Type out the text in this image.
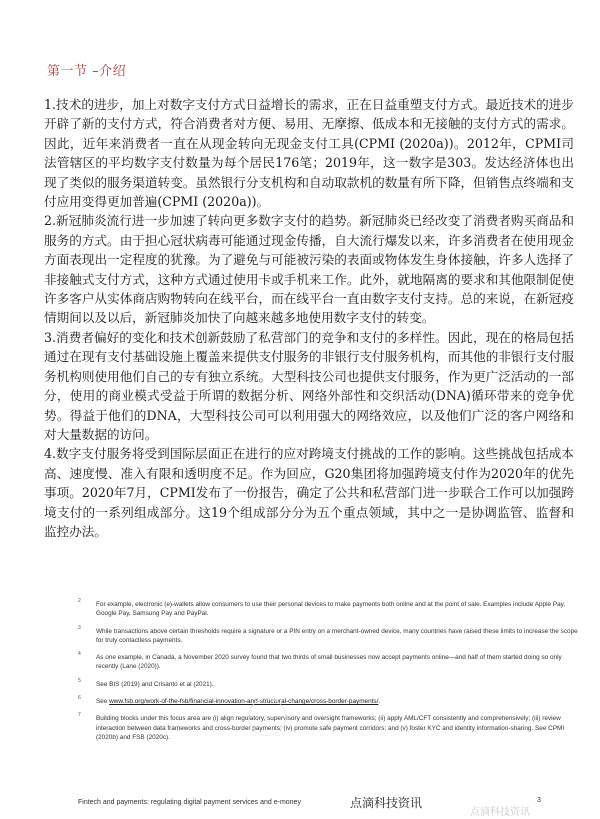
第一节 –介绍

1.技术的进步，加上对数字支付方式日益增长的需求，正在日益重塑支付方式。最近技术的进步开辟了新的支付方式，符合消费者对方便、易用、无摩擦、低成本和无接触的支付方式的需求。因此，近年来消费者一直在从现金转向无现金支付工具(CPMI (2020a))。2012年，CPMI司法管辖区的平均数字支付数量为每个居民176笔；2019年，这一数字是303。发达经济体也出现了类似的服务渠道转变。虽然银行分支机构和自动取款机的数量有所下降，但销售点终端和支付应用变得更加普遍(CPMI (2020a))。

2.新冠肺炎流行进一步加速了转向更多数字支付的趋势。新冠肺炎已经改变了消费者购买商品和服务的方式。由于担心冠状病毒可能通过现金传播，自大流行爆发以来，许多消费者在使用现金方面表现出一定程度的犹豫。为了避免与可能被污染的表面或物体发生身体接触，许多人选择了非接触式支付方式，这种方式通过使用卡或手机来工作。此外，就地隔离的要求和其他限制促使许多客户从实体商店购物转向在线平台，而在线平台一直由数字支付支持。总的来说，在新冠疫情期间以及以后，新冠肺炎加快了向越来越多地使用数字支付的转变。

3.消费者偏好的变化和技术创新鼓励了私营部门的竞争和支付的多样性。因此，现在的格局包括通过在现有支付基础设施上覆盖来提供支付服务的非银行支付服务机构，而其他的非银行支付服务机构则使用他们自己的专有独立系统。大型科技公司也提供支付服务，作为更广泛活动的一部分，使用的商业模式受益于所谓的数据分析、网络外部性和交织活动(DNA)循环带来的竞争优势。得益于他们的DNA，大型科技公司可以利用强大的网络效应，以及他们广泛的客户网络和对大量数据的访问。

4.数字支付服务将受到国际层面正在进行的应对跨境支付挑战的工作的影响。这些挑战包括成本高、速度慢、准入有限和透明度不足。作为回应，G20集团将加强跨境支付作为2020年的优先事项。2020年7月，CPMI发布了一份报告，确定了公共和私营部门进一步联合工作可以加强跨境支付的一系列组成部分。这19个组成部分分为五个重点领域，其中之一是协调监管、监督和监控办法。

2 For example, electronic (e)-wallets allow consumers to use their personal devices to make payments both online and at the point of sale. Examples include Apple Pay, Google Pay, Samsung Pay and PayPal.
3 While transactions above certain thresholds require a signature or a PIN entry on a merchant-owned device, many countries have raised these limits to increase the scope for truly contactless payments.
4 As one example, in Canada, a November 2020 survey found that two thirds of small businesses now accept payments online—and half of them started doing so only recently (Lane (2020)).
5 See BIS (2019) and Crisanto et al (2021).
6 See www.fsb.org/work-of-the-fsb/financial-innovation-and-structural-change/cross-border-payments/.
7 Building blocks under this focus area are (i) align regulatory, supervisory and oversight frameworks; (ii) apply AML/CFT consistently and comprehensively; (iii) review interaction between data frameworks and cross-border payments; (iv) promote safe payment corridors; and (v) foster KYC and identity information-sharing. See CPMI (2020b) and FSB (2020c).
Fintech and payments: regulating digital payment services and e-money	点滴科技资讯	3
点滴科技资讯
